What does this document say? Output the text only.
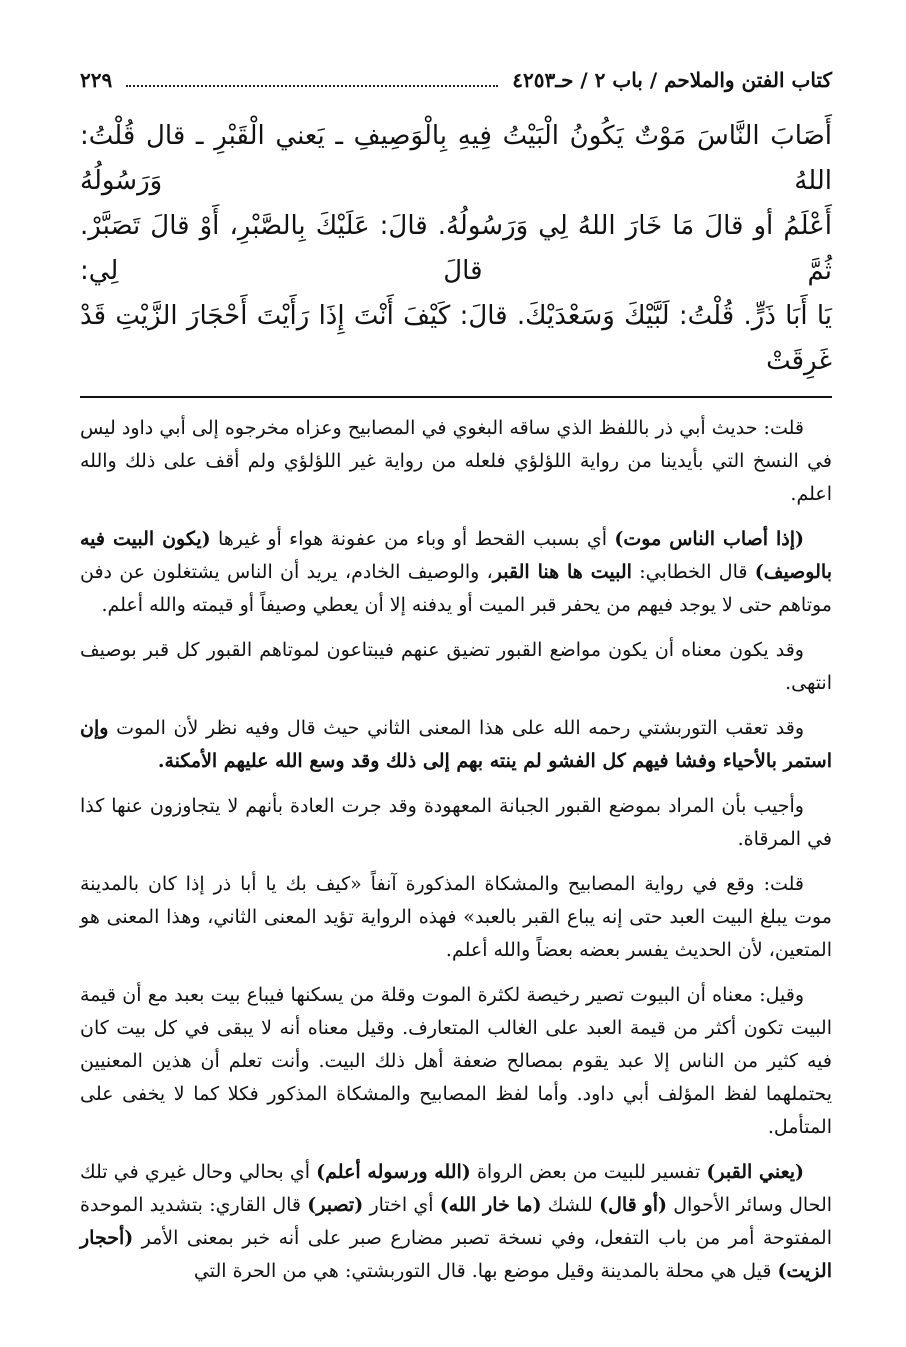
كتاب الفتن والملاحم / باب ٢ / حـ٤٢٥٣
٢٢٩

أَصَابَ النَّاسَ مَوْتٌ يَكُونُ الْبَيْتُ فِيهِ بِالْوَصِيفِ ـ يَعني الْقَبْرِ ـ قال قُلْتُ: اللهُ وَرَسُولُهُ

أَعْلَمُ أو قالَ مَا خَارَ اللهُ لِي وَرَسُولُهُ. قالَ: عَلَيْكَ بِالصَّبْرِ، أَوْ قالَ تَصَبَّرْ. ثُمَّ قالَ لِي:

يَا أَبَا ذَرٍّ. قُلْتُ: لَبَّيْكَ وَسَعْدَيْكَ. قالَ: كَيْفَ أَنْتَ إِذَا رَأَيْتَ أَحْجَارَ الزَّيْتِ قَدْ غَرِقَتْ

قلت: حديث أبي ذر باللفظ الذي ساقه البغوي في المصابيح وعزاه مخرجوه إلى أبي داود ليس في النسخ التي بأيدينا من رواية اللؤلؤي فلعله من رواية غير اللؤلؤي ولم أقف على ذلك والله اعلم.

(إذا أصاب الناس موت) أي بسبب القحط أو وباء من عفونة هواء أو غيرها (يكون البيت فيه بالوصيف) قال الخطابي: البيت ها هنا القبر، والوصيف الخادم، يريد أن الناس يشتغلون عن دفن موتاهم حتى لا يوجد فيهم من يحفر قبر الميت أو يدفنه إلا أن يعطي وصيفاً أو قيمته والله أعلم.

وقد يكون معناه أن يكون مواضع القبور تضيق عنهم فيبتاعون لموتاهم القبور كل قبر بوصيف انتهى.

وقد تعقب التوربشتي رحمه الله على هذا المعنى الثاني حيث قال وفيه نظر لأن الموت وإن استمر بالأحياء وفشا فيهم كل الفشو لم ينته بهم إلى ذلك وقد وسع الله عليهم الأمكنة.

وأجيب بأن المراد بموضع القبور الجبانة المعهودة وقد جرت العادة بأنهم لا يتجاوزون عنها كذا في المرقاة.

قلت: وقع في رواية المصابيح والمشكاة المذكورة آنفاً «كيف بك يا أبا ذر إذا كان بالمدينة موت يبلغ البيت العبد حتى إنه يباع القبر بالعبد» فهذه الرواية تؤيد المعنى الثاني، وهذا المعنى هو المتعين، لأن الحديث يفسر بعضه بعضاً والله أعلم.

وقيل: معناه أن البيوت تصير رخيصة لكثرة الموت وقلة من يسكنها فيباع بيت بعبد مع أن قيمة البيت تكون أكثر من قيمة العبد على الغالب المتعارف. وقيل معناه أنه لا يبقى في كل بيت كان فيه كثير من الناس إلا عبد يقوم بمصالح ضعفة أهل ذلك البيت. وأنت تعلم أن هذين المعنيين يحتملهما لفظ المؤلف أبي داود. وأما لفظ المصابيح والمشكاة المذكور فكلا كما لا يخفى على المتأمل.

(يعني القبر) تفسير للبيت من بعض الرواة (الله ورسوله أعلم) أي بحالي وحال غيري في تلك الحال وسائر الأحوال (أو قال) للشك (ما خار الله) أي اختار (تصبر) قال القاري: بتشديد الموحدة المفتوحة أمر من باب التفعل، وفي نسخة تصبر مضارع صبر على أنه خبر بمعنى الأمر (أحجار الزيت) قيل هي محلة بالمدينة وقيل موضع بها. قال التوربشتي: هي من الحرة التي
